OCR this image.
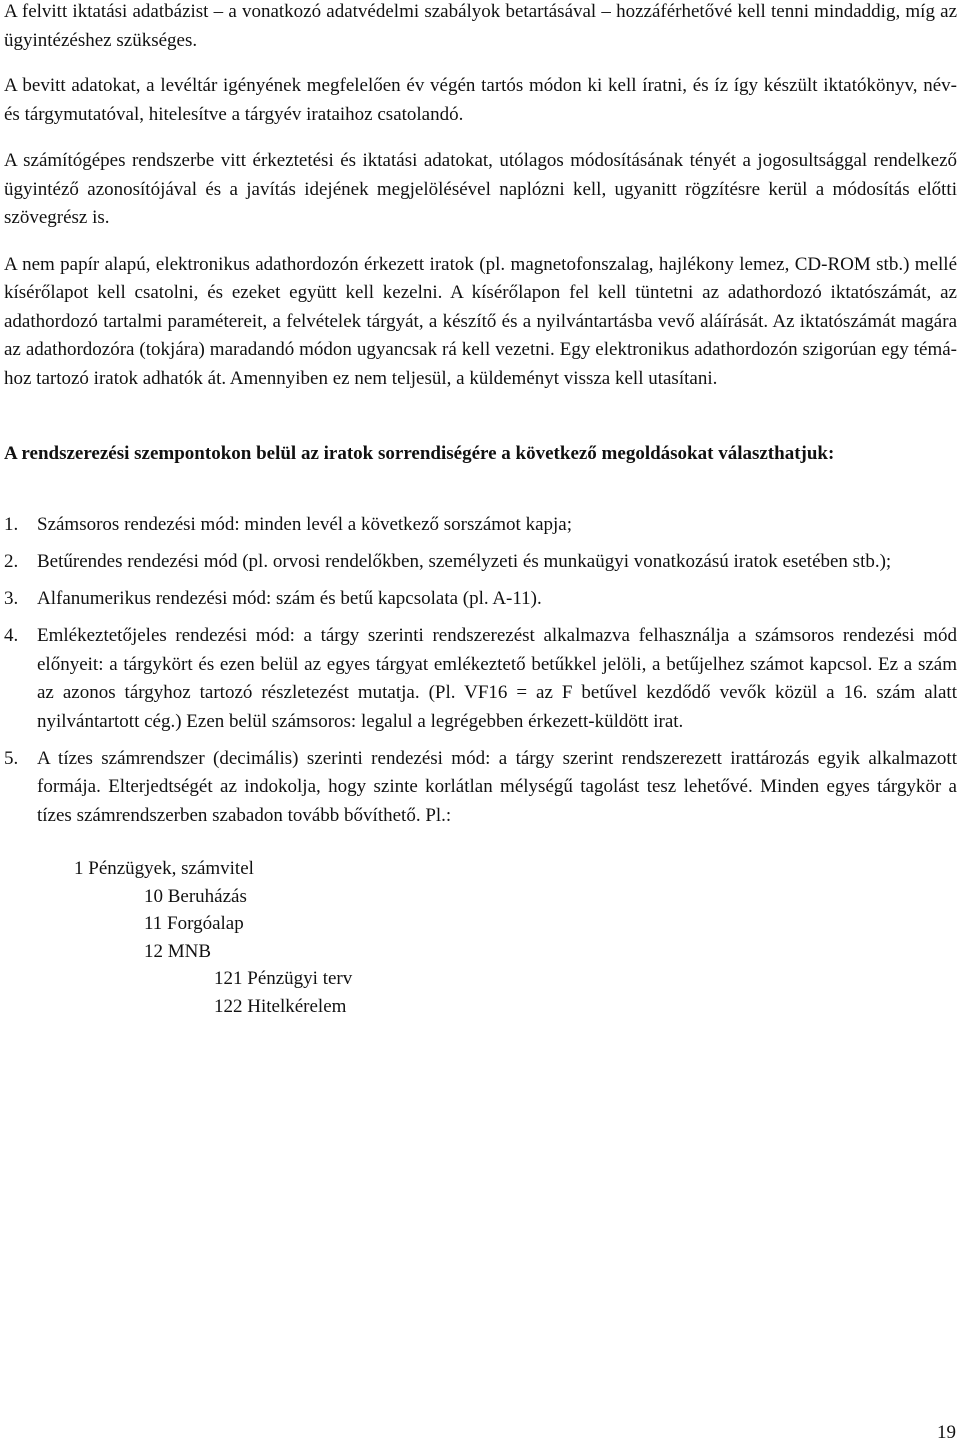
A felvitt iktatási adatbázist – a vonatkozó adatvédelmi szabályok betartásával – hozzáférhetővé kell tenni mindaddig, míg az ügyintézéshez szükséges.

A bevitt adatokat, a levéltár igényének megfelelően év végén tartós módon ki kell íratni, és íz így készült iktatókönyv, név- és tárgymutatóval, hitelesítve a tárgyév irataihoz csatolandó.

A számítógépes rendszerbe vitt érkeztetési és iktatási adatokat, utólagos módosításának tényét a jogosultsággal rendelkező ügyintéző azonosítójával és a javítás idejének megjelölésével naplózni kell, ugyanitt rögzítésre kerül a módosítás előtti szövegrész is.

A nem papír alapú, elektronikus adathordozón érkezett iratok (pl. magnetofonszalag, hajlékony lemez, CD-ROM stb.) mellé kísérőlapot kell csatolni, és ezeket együtt kell kezelni. A kísérőlapon fel kell tüntetni az adathordozó iktatószámát, az adathordozó tartalmi paramétereit, a felvételek tárgyát, a készítő és a nyilvántartásba vevő aláírását. Az iktatószámát magára az adathordozóra (tokjára) maradandó módon ugyancsak rá kell vezetni. Egy elektronikus adathordozón szigorúan egy témához tartozó iratok adhatók át. Amennyiben ez nem teljesül, a küldeményt vissza kell utasítani.

A rendszerezési szempontokon belül az iratok sorrendiségére a következő megoldásokat választhatjuk:

1. Számsoros rendezési mód: minden levél a következő sorszámot kapja;
2. Betűrendes rendezési mód (pl. orvosi rendelőkben, személyzeti és munkaügyi vonatkozású iratok esetében stb.);
3. Alfanumerikus rendezési mód: szám és betű kapcsolata (pl. A-11).
4. Emlékeztetőjeles rendezési mód: a tárgy szerinti rendszerezést alkalmazva felhasználja a számsoros rendezési mód előnyeit: a tárgykört és ezen belül az egyes tárgyat emlékeztető betűkkel jelöli, a betűjelhez számot kapcsol. Ez a szám az azonos tárgyhoz tartozó részletezést mutatja. (Pl. VF16 = az F betűvel kezdődő vevők közül a 16. szám alatt nyilvántartott cég.) Ezen belül számsoros: legalul a legrégebben érkezett-küldött irat.
5. A tízes számrendszer (decimális) szerinti rendezési mód: a tárgy szerint rendszerezett irattározás egyik alkalmazott formája. Elterjedtségét az indokolja, hogy szinte korlátlan mélységű tagolást tesz lehetővé. Minden egyes tárgykör a tízes számrendszerben szabadon tovább bővíthető. Pl.:
1 Pénzügyek, számvitel
10 Beruházás
11 Forgóalap
12 MNB
121 Pénzügyi terv
122 Hitelkérelem
19
